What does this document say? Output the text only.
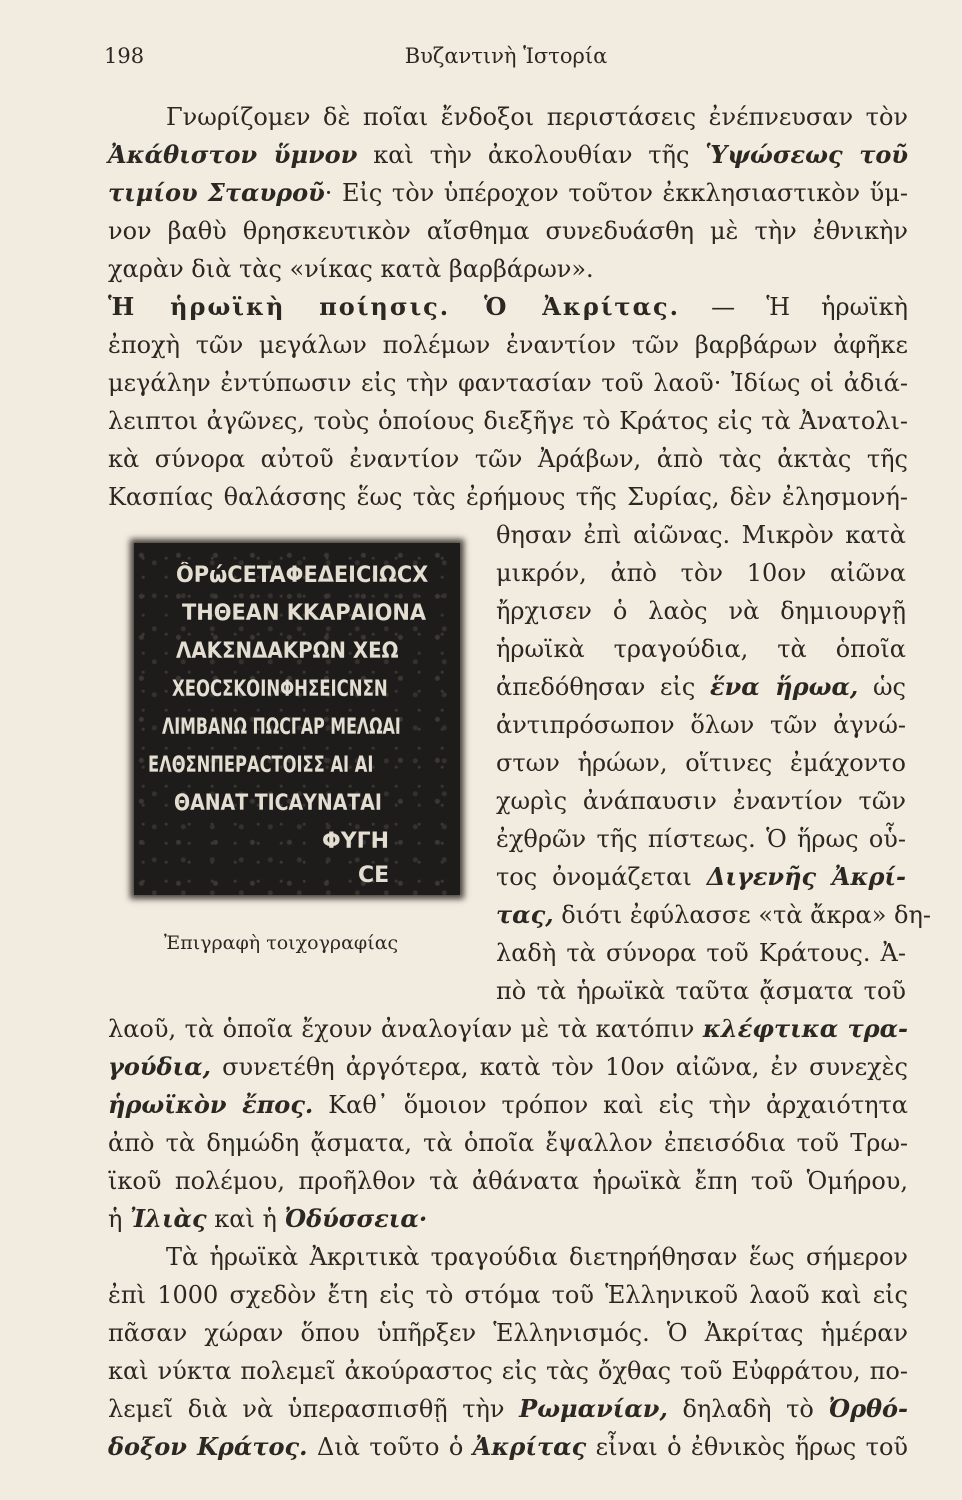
198	Βυζαντινὴ Ἱστορία
Γνωρίζομεν δὲ ποῖαι ἔνδοξοι περιστάσεις ἐνέπνευσαν τὸν
Ἀκάθιστον ὕμνον καὶ τὴν ἀκολουθίαν τῆς Ὑψώσεως τοῦ
τιμίου Σταυροῦ· Εἰς τὸν ὑπέροχον τοῦτον ἐκκλησιαστικὸν ὕμ-
νον βαθὺ θρησκευτικὸν αἴσθημα συνεδυάσθη μὲ τὴν ἐθνικὴν
χαρὰν διὰ τὰς «νίκας κατὰ βαρβάρων».
Ἡ ἡρωϊκὴ ποίησις. Ὁ Ἀκρίτας. — Ἡ ἡρωϊκὴ
ἐποχὴ τῶν μεγάλων πολέμων ἐναντίον τῶν βαρβάρων ἀφῆκε
μεγάλην ἐντύπωσιν εἰς τὴν φαντασίαν τοῦ λαοῦ· Ἰδίως οἱ ἀδιά-
λειπτοι ἀγῶνες, τοὺς ὁποίους διεξῆγε τὸ Κράτος εἰς τὰ Ἀνατολι-
κὰ σύνορα αὐτοῦ ἐναντίον τῶν Ἀράβων, ἀπὸ τὰς ἀκτὰς τῆς
Κασπίας θαλάσσης ἕως τὰς ἐρήμους τῆς Συρίας, δὲν ἐλησμονή-
θησαν ἐπὶ αἰῶνας. Μικρὸν κατὰ
μικρόν, ἀπὸ τὸν 10ον αἰῶνα
ἤρχισεν ὁ λαὸς νὰ δημιουργῇ
ἡρωϊκὰ τραγούδια, τὰ ὁποῖα
ἀπεδόθησαν εἰς ἕνα ἥρωα, ὡς
ἀντιπρόσωπον ὅλων τῶν ἀγνώ-
στων ἡρώων, οἵτινες ἐμάχοντο
χωρὶς ἀνάπαυσιν ἐναντίον τῶν
ἐχθρῶν τῆς πίστεως. Ὁ ἥρως οὗ-
τος ὀνομάζεται Διγενῆς Ἀκρί-
τας, διότι ἐφύλασσε «τὰ ἄκρα» δη-
λαδὴ τὰ σύνορα τοῦ Κράτους. Ἀ-
πὸ τὰ ἡρωϊκὰ ταῦτα ᾄσματα τοῦ
ÔΡώCETAΦEΔEΙCΙΩCΧ
ΤΗΘΕΑΝ ΚΚΑΡΑΙΟΝΑ
ΛΑΚΣΝΔΑΚΡΩΝ ΧΕΩ
ΧΕΟCΣΚΟΙΝΦΗΣΕΙCΝΣΝ
ΛΙΜΒΑΝΩ ΠΩCΓΑΡ ΜΕΛΩΑΙ
ΕΛΘΣΝΠΕΡΑCΤΟΙΣΣ ΑΙ ΑΙ
ΘΑΝΑΤ ΤΙCΑΥΝΑΤΑΙ
ΦΥΓΗ
CE
Ἐπιγραφὴ τοιχογραφίας
λαοῦ, τὰ ὁποῖα ἔχουν ἀναλογίαν μὲ τὰ κατόπιν κλέφτικα τρα-
γούδια, συνετέθη ἀργότερα, κατὰ τὸν 10ον αἰῶνα, ἐν συνεχὲς
ἡρωϊκὸν ἔπος. Καθ᾽ ὅμοιον τρόπον καὶ εἰς τὴν ἀρχαιότητα
ἀπὸ τὰ δημώδη ᾄσματα, τὰ ὁποῖα ἔψαλλον ἐπεισόδια τοῦ Τρω-
ϊκοῦ πολέμου, προῆλθον τὰ ἀθάνατα ἡρωϊκὰ ἔπη τοῦ Ὁμήρου,
ἡ Ἰλιὰς καὶ ἡ Ὀδύσσεια·
Τὰ ἡρωϊκὰ Ἀκριτικὰ τραγούδια διετηρήθησαν ἕως σήμερον
ἐπὶ 1000 σχεδὸν ἔτη εἰς τὸ στόμα τοῦ Ἑλληνικοῦ λαοῦ καὶ εἰς
πᾶσαν χώραν ὅπου ὑπῆρξεν Ἑλληνισμός. Ὁ Ἀκρίτας ἡμέραν
καὶ νύκτα πολεμεῖ ἀκούραστος εἰς τὰς ὄχθας τοῦ Εὐφράτου, πο-
λεμεῖ διὰ νὰ ὑπερασπισθῇ τὴν Ρωμανίαν, δηλαδὴ τὸ Ὀρθό-
δοξον Κράτος. Διὰ τοῦτο ὁ Ἀκρίτας εἶναι ὁ ἐθνικὸς ἥρως τοῦ
